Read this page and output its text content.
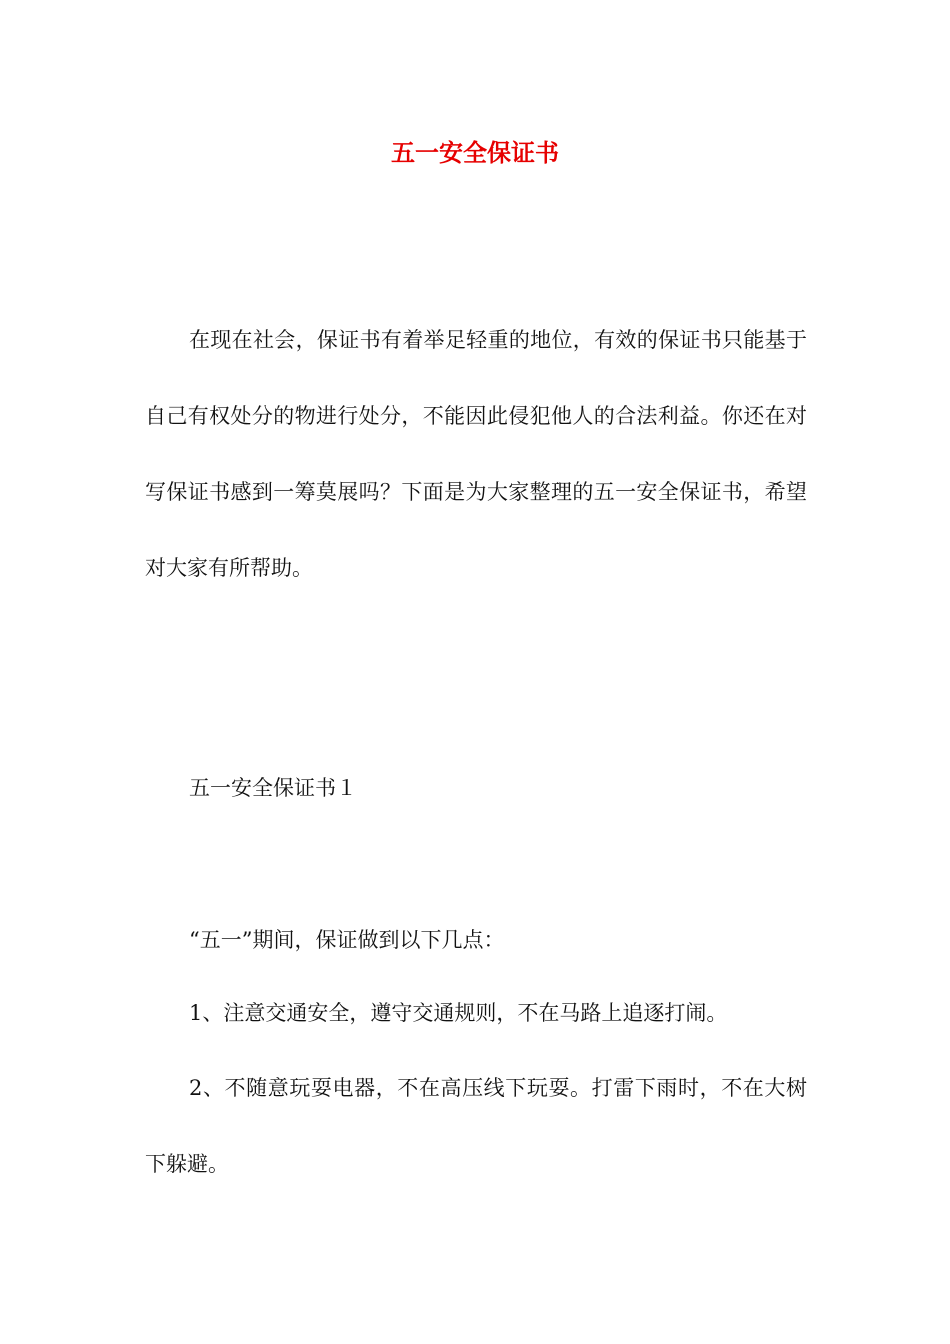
五一安全保证书

在现在社会，保证书有着举足轻重的地位，有效的保证书只能基于自己有权处分的物进行处分，不能因此侵犯他人的合法利益。你还在对写保证书感到一筹莫展吗？下面是为大家整理的五一安全保证书，希望对大家有所帮助。

五一安全保证书１

“五一”期间，保证做到以下几点：

1、注意交通安全，遵守交通规则，不在马路上追逐打闹。

2、不随意玩耍电器，不在高压线下玩耍。打雷下雨时，不在大树下躲避。
